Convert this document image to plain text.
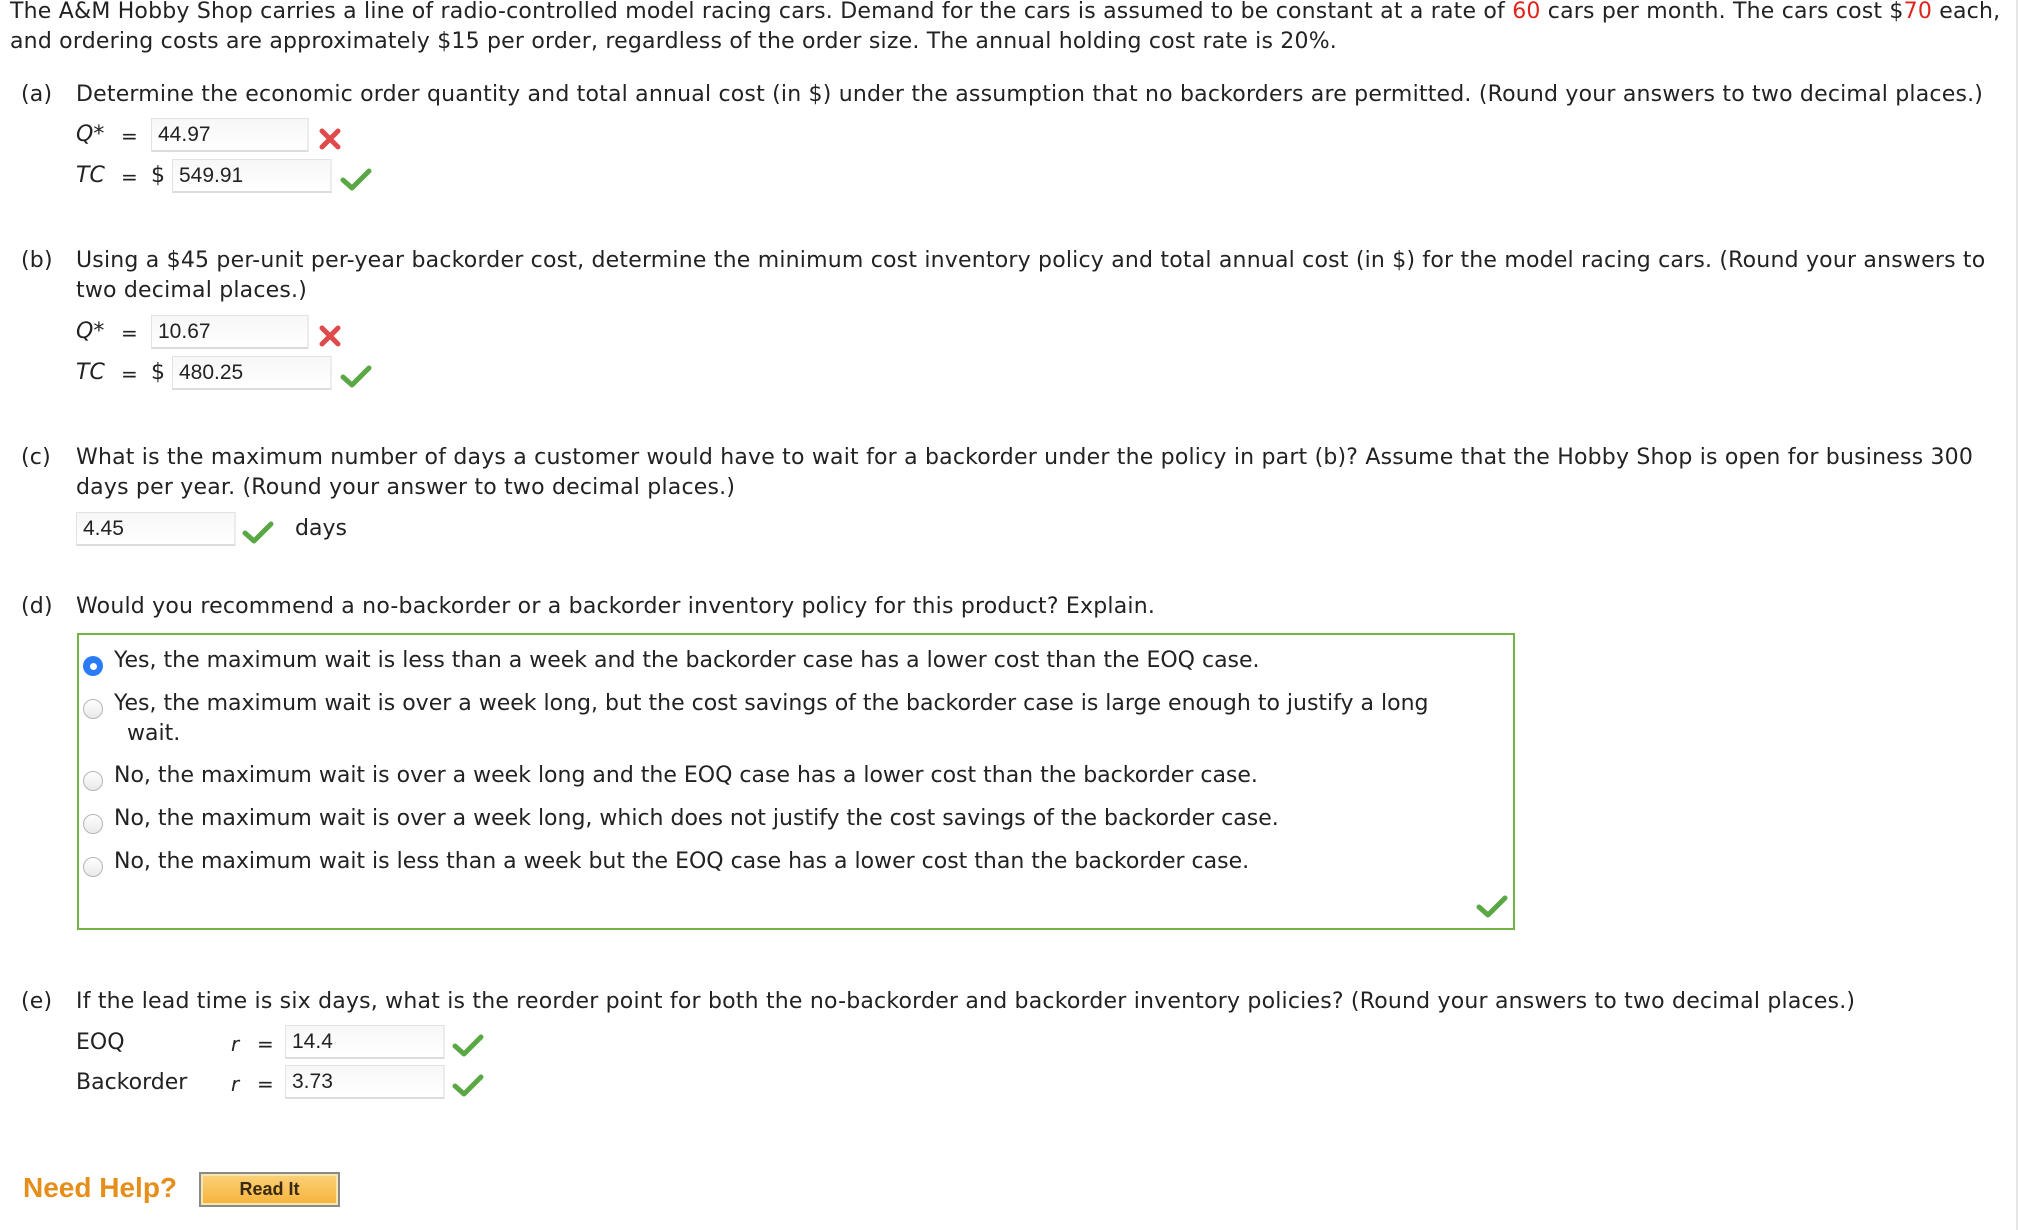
The A&M Hobby Shop carries a line of radio-controlled model racing cars. Demand for the cars is assumed to be constant at a rate of 60 cars per month. The cars cost $70 each,
and ordering costs are approximately $15 per order, regardless of the order size. The annual holding cost rate is 20%.
(a) Determine the economic order quantity and total annual cost (in $) under the assumption that no backorders are permitted. (Round your answers to two decimal places.)
Q* = 44.97
TC = $ 549.91
(b) Using a $45 per-unit per-year backorder cost, determine the minimum cost inventory policy and total annual cost (in $) for the model racing cars. (Round your answers to
two decimal places.)
Q* = 10.67
TC = $ 480.25
(c) What is the maximum number of days a customer would have to wait for a backorder under the policy in part (b)? Assume that the Hobby Shop is open for business 300
days per year. (Round your answer to two decimal places.)
4.45	days
(d) Would you recommend a no-backorder or a backorder inventory policy for this product? Explain.
Yes, the maximum wait is less than a week and the backorder case has a lower cost than the EOQ case.
Yes, the maximum wait is over a week long, but the cost savings of the backorder case is large enough to justify a long
wait.
No, the maximum wait is over a week long and the EOQ case has a lower cost than the backorder case.
No, the maximum wait is over a week long, which does not justify the cost savings of the backorder case.
No, the maximum wait is less than a week but the EOQ case has a lower cost than the backorder case.
(e) If the lead time is six days, what is the reorder point for both the no-backorder and backorder inventory policies? (Round your answers to two decimal places.)
EOQ	r = 14.4
Backorder r = 3.73
Need Help?	Read It
